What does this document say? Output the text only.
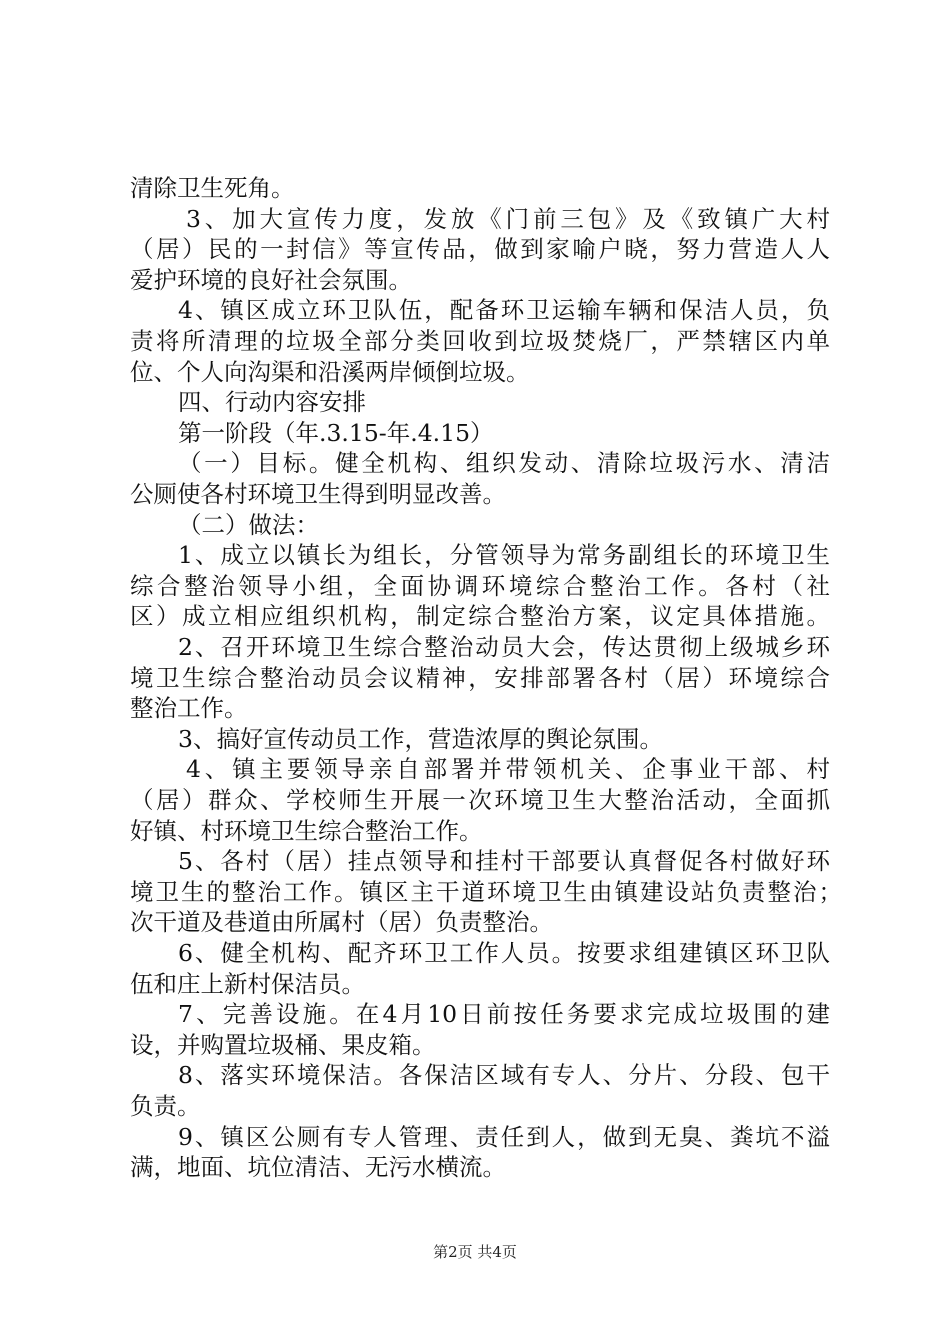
清除卫生死角。
3、加大宣传力度，发放《门前三包》及《致镇广大村
（居）民的一封信》等宣传品，做到家喻户晓，努力营造人人
爱护环境的良好社会氛围。
4、镇区成立环卫队伍，配备环卫运输车辆和保洁人员，负
责将所清理的垃圾全部分类回收到垃圾焚烧厂，严禁辖区内单
位、个人向沟渠和沿溪两岸倾倒垃圾。
四、行动内容安排
第一阶段（年.3.15-年.4.15）
（一）目标。健全机构、组织发动、清除垃圾污水、清洁
公厕使各村环境卫生得到明显改善。
（二）做法：
1、成立以镇长为组长，分管领导为常务副组长的环境卫生
综合整治领导小组，全面协调环境综合整治工作。各村（社
区）成立相应组织机构，制定综合整治方案，议定具体措施。
2、召开环境卫生综合整治动员大会，传达贯彻上级城乡环
境卫生综合整治动员会议精神，安排部署各村（居）环境综合
整治工作。
3、搞好宣传动员工作，营造浓厚的舆论氛围。
4、镇主要领导亲自部署并带领机关、企事业干部、村
（居）群众、学校师生开展一次环境卫生大整治活动，全面抓
好镇、村环境卫生综合整治工作。
5、各村（居）挂点领导和挂村干部要认真督促各村做好环
境卫生的整治工作。镇区主干道环境卫生由镇建设站负责整治；
次干道及巷道由所属村（居）负责整治。
6、健全机构、配齐环卫工作人员。按要求组建镇区环卫队
伍和庄上新村保洁员。
7、完善设施。在4月10日前按任务要求完成垃圾围的建
设，并购置垃圾桶、果皮箱。
8、落实环境保洁。各保洁区域有专人、分片、分段、包干
负责。
9、镇区公厕有专人管理、责任到人，做到无臭、粪坑不溢
满，地面、坑位清洁、无污水横流。
第2页 共4页
